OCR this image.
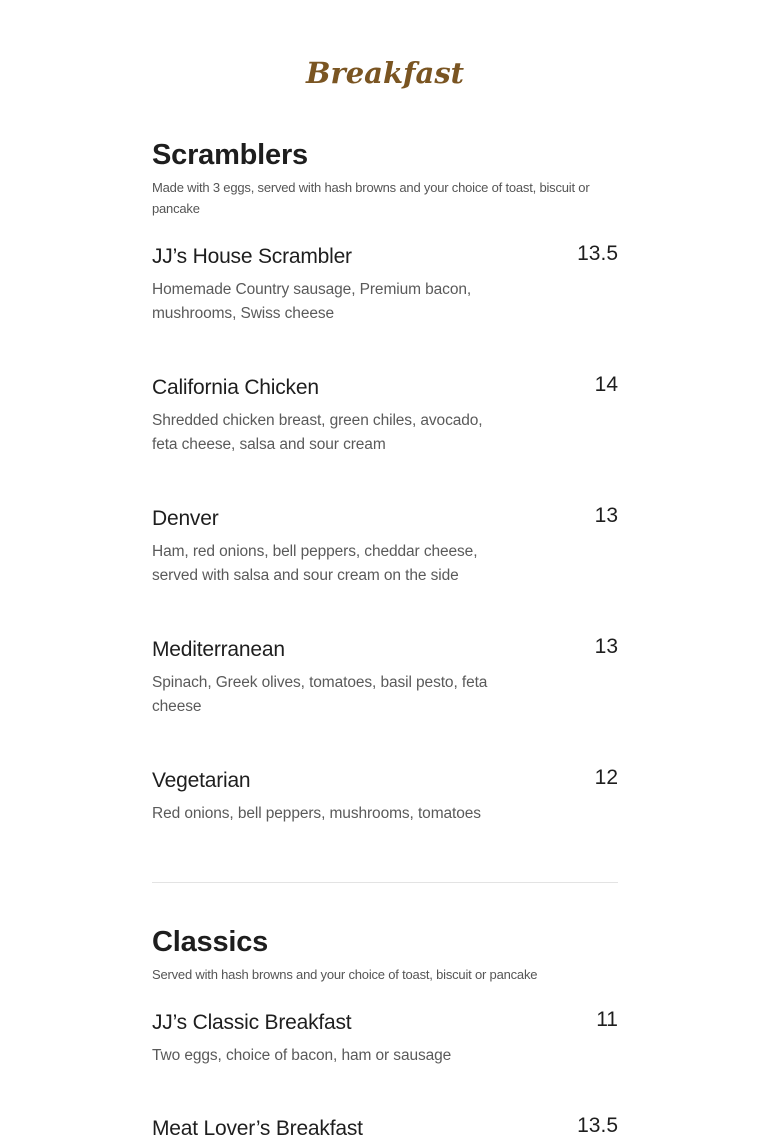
Breakfast
Scramblers
Made with 3 eggs, served with hash browns and your choice of toast, biscuit or pancake
JJ’s House Scrambler	13.5
Homemade Country sausage, Premium bacon, mushrooms, Swiss cheese
California Chicken	14
Shredded chicken breast, green chiles, avocado, feta cheese, salsa and sour cream
Denver	13
Ham, red onions, bell peppers, cheddar cheese, served with salsa and sour cream on the side
Mediterranean	13
Spinach, Greek olives, tomatoes, basil pesto, feta cheese
Vegetarian	12
Red onions, bell peppers, mushrooms, tomatoes
Classics
Served with hash browns and your choice of toast, biscuit or pancake
JJ’s Classic Breakfast	11
Two eggs, choice of bacon, ham or sausage
Meat Lover’s Breakfast	13.5
